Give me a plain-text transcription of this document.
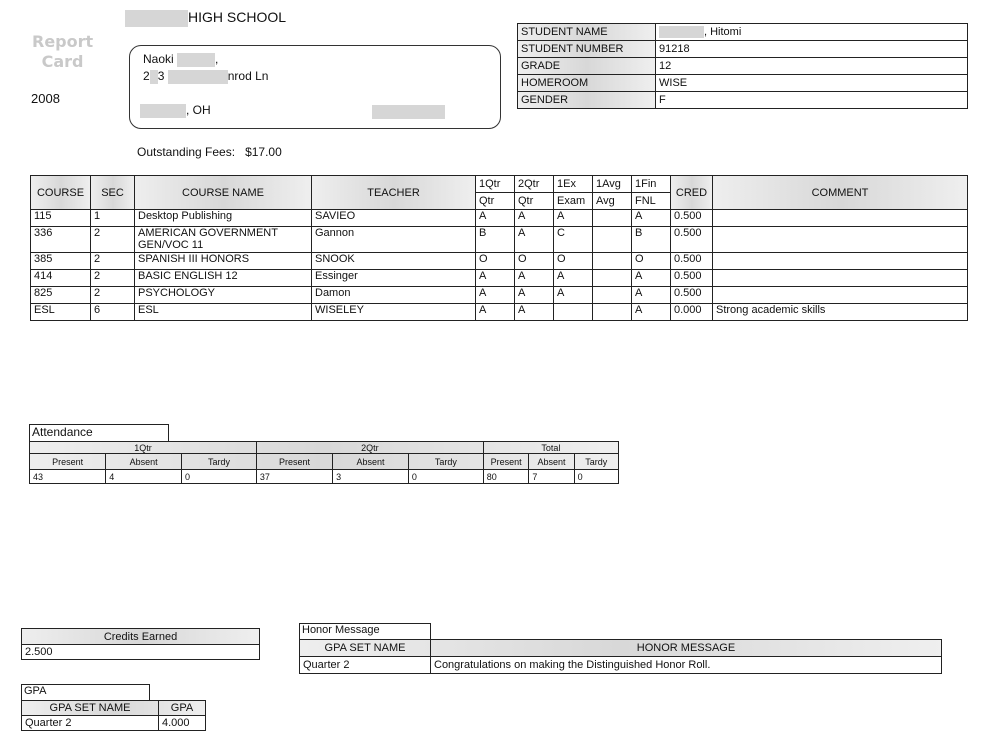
HIGH SCHOOL
Report
Card
2008
Naoki	,
2 3	nrod Ln
, OH
Outstanding Fees: $17.00
STUDENT NAME	, Hitomi
STUDENT NUMBER	91218
GRADE	12
HOMEROOM	WISE
GENDER	F
COURSE	SEC	COURSE NAME	TEACHER	1Qtr	2Qtr	1Ex	1Avg	1Fin	CRED	COMMENT
				Qtr	Qtr	Exam	Avg	FNL		
115	1	Desktop Publishing	SAVIEO	A	A	A		A	0.500	
336	2	AMERICAN GOVERNMENT GEN/VOC 11	Gannon	B	A	C		B	0.500	
385	2	SPANISH III HONORS	SNOOK	O	O	O		O	0.500	
414	2	BASIC ENGLISH 12	Essinger	A	A	A		A	0.500	
825	2	PSYCHOLOGY	Damon	A	A	A		A	0.500	
ESL	6	ESL	WISELEY	A	A			A	0.000	Strong academic skills
Attendance
1Qtr			2Qtr			Total		
Present	Absent	Tardy	Present	Absent	Tardy	Present	Absent	Tardy
43	4	0	37	3	0	80	7	0
Credits Earned
2.500
GPA
GPA SET NAME	GPA
Quarter 2	4.000
Honor Message
GPA SET NAME	HONOR MESSAGE
Quarter 2	Congratulations on making the Distinguished Honor Roll.
